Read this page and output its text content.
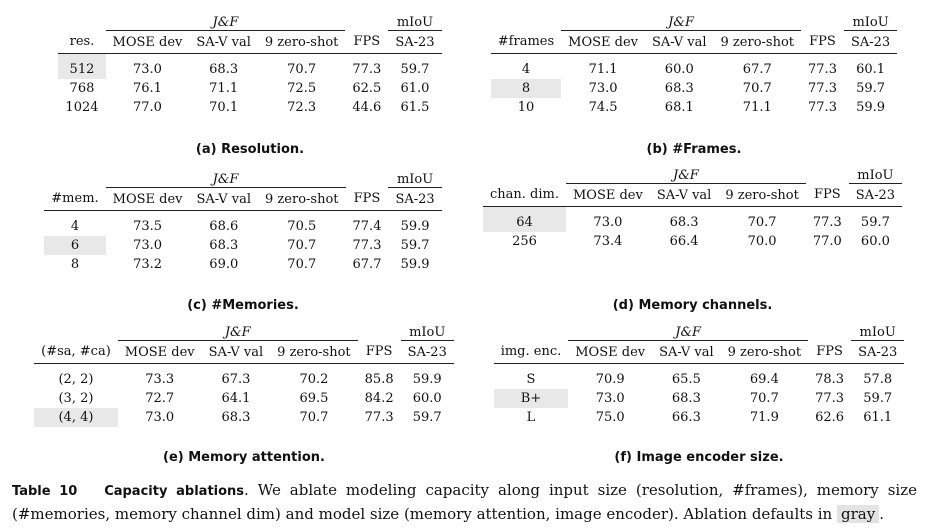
	J&F				mIoU
res.	MOSE dev	SA-V val	9 zero-shot	FPS	SA-23
512	73.0	68.3	70.7	77.3	59.7
768	76.1	71.1	72.5	62.5	61.0
1024	77.0	70.1	72.3	44.6	61.5
(a) Resolution.
	J&F				mIoU
#frames	MOSE dev	SA-V val	9 zero-shot	FPS	SA-23
4	71.1	60.0	67.7	77.3	60.1
8	73.0	68.3	70.7	77.3	59.7
10	74.5	68.1	71.1	77.3	59.9
(b) #Frames.
	J&F				mIoU
#mem.	MOSE dev	SA-V val	9 zero-shot	FPS	SA-23
4	73.5	68.6	70.5	77.4	59.9
6	73.0	68.3	70.7	77.3	59.7
8	73.2	69.0	70.7	67.7	59.9
(c) #Memories.
	J&F				mIoU
chan. dim.	MOSE dev	SA-V val	9 zero-shot	FPS	SA-23
64	73.0	68.3	70.7	77.3	59.7
256	73.4	66.4	70.0	77.0	60.0
(d) Memory channels.
	J&F				mIoU
(#sa, #ca)	MOSE dev	SA-V val	9 zero-shot	FPS	SA-23
(2, 2)	73.3	67.3	70.2	85.8	59.9
(3, 2)	72.7	64.1	69.5	84.2	60.0
(4, 4)	73.0	68.3	70.7	77.3	59.7
(e) Memory attention.
	J&F				mIoU
img. enc.	MOSE dev	SA-V val	9 zero-shot	FPS	SA-23
S	70.9	65.5	69.4	78.3	57.8
B+	73.0	68.3	70.7	77.3	59.7
L	75.0	66.3	71.9	62.6	61.1
(f) Image encoder size.
Table 10 Capacity ablations. We ablate modeling capacity along input size (resolution, #frames), memory size (#memories, memory channel dim) and model size (memory attention, image encoder). Ablation defaults in gray .
